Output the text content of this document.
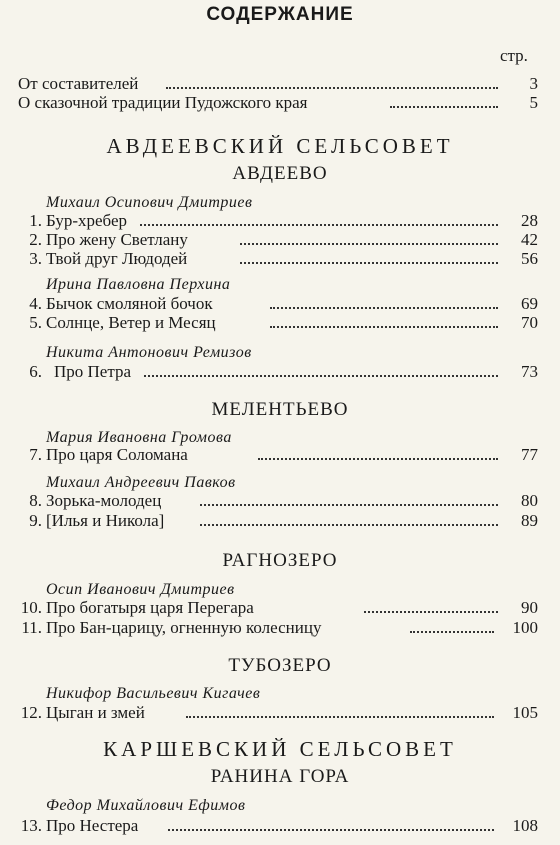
СОДЕРЖАНИЕ
стр.
От составителей	3
О сказочной традиции Пудожского края	5
АВДЕЕВСКИЙ СЕЛЬСОВЕТ
АВДЕЕВО
Михаил Осипович Дмитриев
1. Бур-хребер	28
2. Про жену Светлану	42
3. Твой друг Людодей	56
Ирина Павловна Перхина
4. Бычок смоляной бочок	69
5. Солнце, Ветер и Месяц	70
Никита Антонович Ремизов
6. Про Петра	73
МЕЛЕНТЬЕВО
Мария Ивановна Громова
7. Про царя Соломана	77
Михаил Андреевич Павков
8. Зорька-молодец	80
9. [Илья и Никола]	89
РАГНОЗЕРО
Осип Иванович Дмитриев
10. Про богатыря царя Перегара	90
11. Про Бан-царицу, огненную колесницу	100
ТУБОЗЕРО
Никифор Васильевич Кигачев
12. Цыган и змей	105
КАРШЕВСКИЙ СЕЛЬСОВЕТ
РАНИНА ГОРА
Федор Михайлович Ефимов
13. Про Нестера	108
